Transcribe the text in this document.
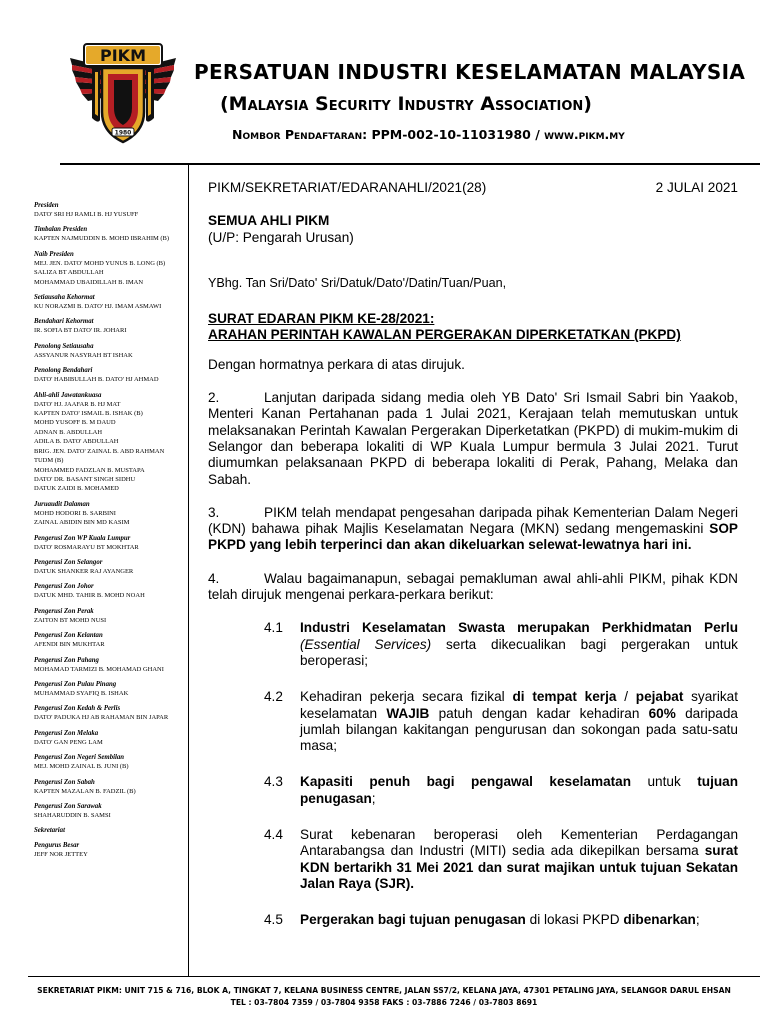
PIKM
1980
PERSATUAN INDUSTRI KESELAMATAN MALAYSIA
(Malaysia Security Industry Association)
Nombor Pendaftaran: PPM-002-10-11031980 / www.pikm.my
Presiden
DATO' SRI HJ RAMLI B. HJ YUSUFF
Timbalan Presiden
KAPTEN NAJMUDDIN B. MOHD IBRAHIM (B)
Naib Presiden
MEJ. JEN. DATO' MOHD YUNUS B. LONG (B)
SALIZA BT ABDULLAH
MOHAMMAD UBAIDILLAH B. IMAN
Setiausaha Kehormat
KU NORAZMI B. DATO' HJ. IMAM ASMAWI
Bendahari Kehormat
IR. SOFIA BT DATO' IR. JOHARI
Penolong Setiausaha
ASSYANUR NASYRAH BT ISHAK
Penolong Bendahari
DATO' HABIBULLAH B. DATO' HJ AHMAD
Ahli-ahli Jawatankuasa
DATO' HJ. JAAFAR B. HJ MAT
KAPTEN DATO' ISMAIL B. ISHAK (B)
MOHD YUSOFF B. M DAUD
ADNAN B. ABDULLAH
ADILA B. DATO' ABDULLAH
BRIG. JEN. DATO' ZAINAL B. ABD RAHMAN
TUDM (B)
MOHAMMED FADZLAN B. MUSTAPA
DATO' DR. BASANT SINGH SIDHU
DATUK ZAIDI B. MOHAMED
Juruaudit Dalaman
MOHD HODORI B. SARBINI
ZAINAL ABIDIN BIN MD KASIM
Pengerusi Zon WP Kuala Lumpur
DATO' ROSMARAYU BT MOKHTAR
Pengerusi Zon Selangor
DATUK SHANKER RAJ AYANGER
Pengerusi Zon Johor
DATUK MHD. TAHIR B. MOHD NOAH
Pengerusi Zon Perak
ZAITON BT MOHD NUSI
Pengerusi Zon Kelantan
AFENDI BIN MUKHTAR
Pengerusi Zon Pahang
MOHAMAD TARMIZI B. MOHAMAD GHANI
Pengerusi Zon Pulau Pinang
MUHAMMAD SYAFIQ B. ISHAK
Pengerusi Zon Kedah & Perlis
DATO' PADUKA HJ AB RAHAMAN BIN JAPAR
Pengerusi Zon Melaka
DATO' GAN PENG LAM
Pengerusi Zon Negeri Sembilan
MEJ. MOHD ZAINAL B. JUNI (B)
Pengerusi Zon Sabah
KAPTEN MAZALAN B. FADZIL (B)
Pengerusi Zon Sarawak
SHAHARUDDIN B. SAMSI
Sekretariat
Pengurus Besar
JEFF NOR JETTEY
PIKM/SEKRETARIAT/EDARANAHLI/2021(28)	2 JULAI 2021
SEMUA AHLI PIKM
(U/P: Pengarah Urusan)
YBhg. Tan Sri/Dato' Sri/Datuk/Dato'/Datin/Tuan/Puan,
SURAT EDARAN PIKM KE-28/2021:
ARAHAN PERINTAH KAWALAN PERGERAKAN DIPERKETATKAN (PKPD)
Dengan hormatnya perkara di atas dirujuk.

2.	Lanjutan daripada sidang media oleh YB Dato' Sri Ismail Sabri bin Yaakob, Menteri Kanan Pertahanan pada 1 Julai 2021, Kerajaan telah memutuskan untuk melaksanakan Perintah Kawalan Pergerakan Diperketatkan (PKPD) di mukim-mukim di Selangor dan beberapa lokaliti di WP Kuala Lumpur bermula 3 Julai 2021. Turut diumumkan pelaksanaan PKPD di beberapa lokaliti di Perak, Pahang, Melaka dan Sabah.

3.	PIKM telah mendapat pengesahan daripada pihak Kementerian Dalam Negeri (KDN) bahawa pihak Majlis Keselamatan Negara (MKN) sedang mengemaskini SOP PKPD yang lebih terperinci dan akan dikeluarkan selewat-lewatnya hari ini.

4.	Walau bagaimanapun, sebagai pemakluman awal ahli-ahli PIKM, pihak KDN telah dirujuk mengenai perkara-perkara berikut:

4.1	Industri Keselamatan Swasta merupakan Perkhidmatan Perlu (Essential Services) serta dikecualikan bagi pergerakan untuk beroperasi;
4.2	Kehadiran pekerja secara fizikal di tempat kerja / pejabat syarikat keselamatan WAJIB patuh dengan kadar kehadiran 60% daripada jumlah bilangan kakitangan pengurusan dan sokongan pada satu-satu masa;
4.3	Kapasiti penuh bagi pengawal keselamatan untuk tujuan penugasan;
4.4	Surat kebenaran beroperasi oleh Kementerian Perdagangan Antarabangsa dan Industri (MITI) sedia ada dikepilkan bersama surat KDN bertarikh 31 Mei 2021 dan surat majikan untuk tujuan Sekatan Jalan Raya (SJR).
4.5	Pergerakan bagi tujuan penugasan di lokasi PKPD dibenarkan;
SEKRETARIAT PIKM: UNIT 715 & 716, BLOK A, TINGKAT 7, KELANA BUSINESS CENTRE, JALAN SS7/2, KELANA JAYA, 47301 PETALING JAYA, SELANGOR DARUL EHSAN
TEL : 03-7804 7359 / 03-7804 9358 FAKS : 03-7886 7246 / 03-7803 8691
